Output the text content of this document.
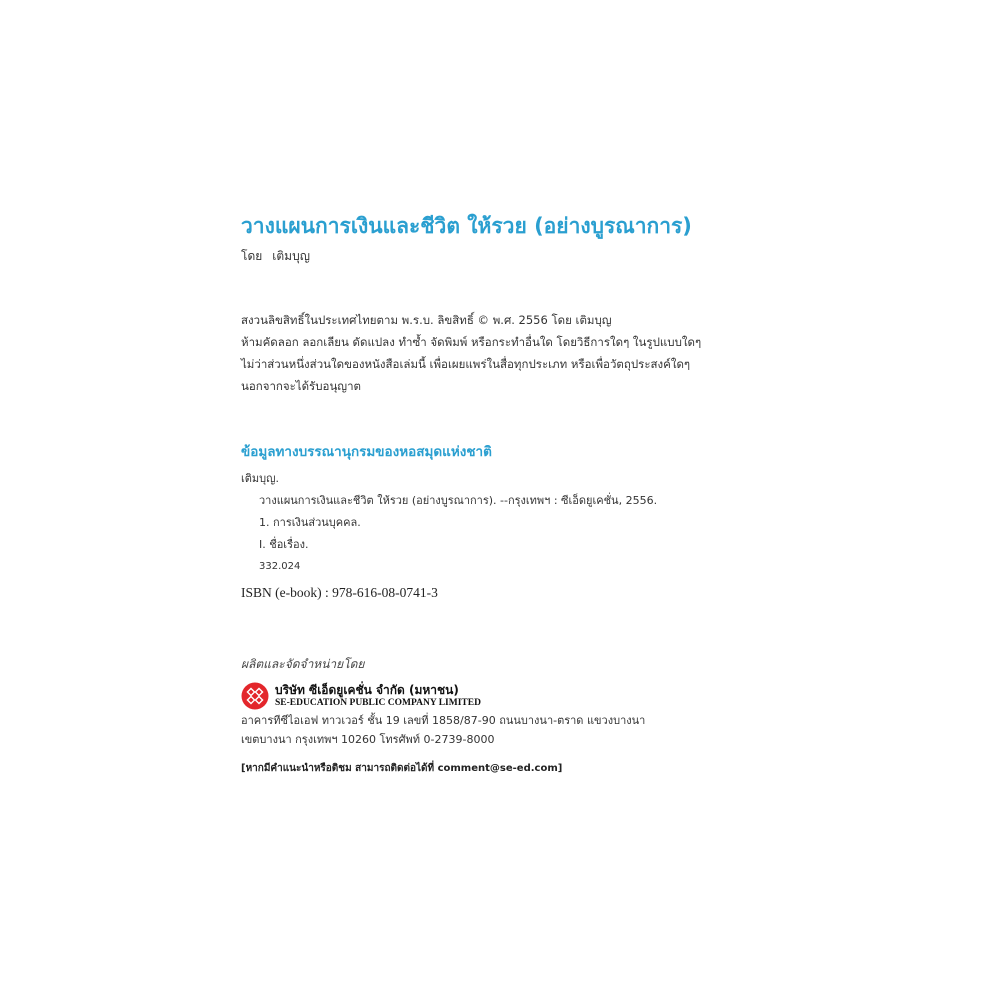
วางแผนการเงินและชีวิต ให้รวย (อย่างบูรณาการ)
โดย เติมบุญ
สงวนลิขสิทธิ์ในประเทศไทยตาม พ.ร.บ. ลิขสิทธิ์ © พ.ศ. 2556 โดย เติมบุญ
ห้ามคัดลอก ลอกเลียน ดัดแปลง ทำซ้ำ จัดพิมพ์ หรือกระทำอื่นใด โดยวิธีการใดๆ ในรูปแบบใดๆ
ไม่ว่าส่วนหนึ่งส่วนใดของหนังสือเล่มนี้ เพื่อเผยแพร่ในสื่อทุกประเภท หรือเพื่อวัตถุประสงค์ใดๆ
นอกจากจะได้รับอนุญาต
ข้อมูลทางบรรณานุกรมของหอสมุดแห่งชาติ
เติมบุญ.
วางแผนการเงินและชีวิต ให้รวย (อย่างบูรณาการ). --กรุงเทพฯ : ซีเอ็ดยูเคชั่น, 2556.
1. การเงินส่วนบุคคล.
I. ชื่อเรื่อง.
332.024
ISBN (e-book) : 978-616-08-0741-3
ผลิตและจัดจำหน่ายโดย
บริษัท ซีเอ็ดยูเคชั่น จำกัด (มหาชน)
SE-EDUCATION PUBLIC COMPANY LIMITED
อาคารทีซีไอเอฟ ทาวเวอร์ ชั้น 19 เลขที่ 1858/87-90 ถนนบางนา-ตราด แขวงบางนา
เขตบางนา กรุงเทพฯ 10260 โทรศัพท์ 0-2739-8000
[หากมีคำแนะนำหรือติชม สามารถติดต่อได้ที่ comment@se-ed.com]
